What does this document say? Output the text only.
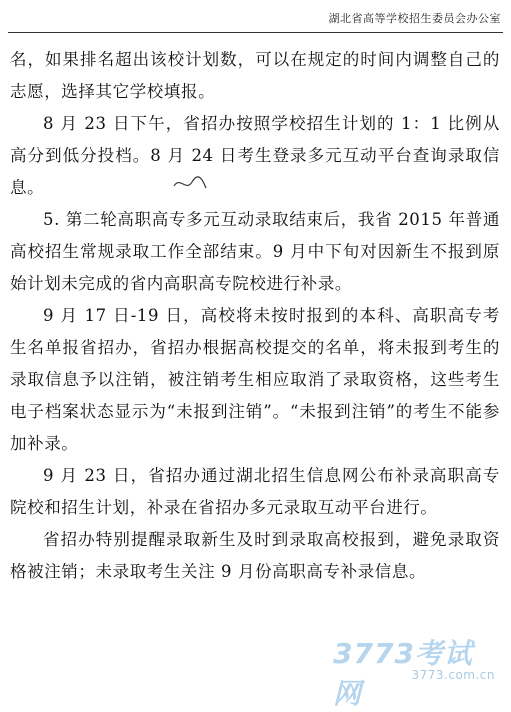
湖北省高等学校招生委员会办公室

名，如果排名超出该校计划数，可以在规定的时间内调整自己的志愿，选择其它学校填报。

8 月 23 日下午，省招办按照学校招生计划的 1：1 比例从高分到低分投档。8 月 24 日考生登录多元互动平台查询录取信息。

5. 第二轮高职高专多元互动录取结束后，我省 2015 年普通高校招生常规录取工作全部结束。9 月中下旬对因新生不报到原始计划未完成的省内高职高专院校进行补录。

9 月 17 日-19 日，高校将未按时报到的本科、高职高专考生名单报省招办，省招办根据高校提交的名单，将未报到考生的录取信息予以注销，被注销考生相应取消了录取资格，这些考生电子档案状态显示为“未报到注销”。“未报到注销”的考生不能参加补录。

9 月 23 日，省招办通过湖北招生信息网公布补录高职高专院校和招生计划，补录在省招办多元录取互动平台进行。

省招办特别提醒录取新生及时到录取高校报到，避免录取资格被注销；未录取考生关注 9 月份高职高专补录信息。

3773考试网
3773.com.cn
